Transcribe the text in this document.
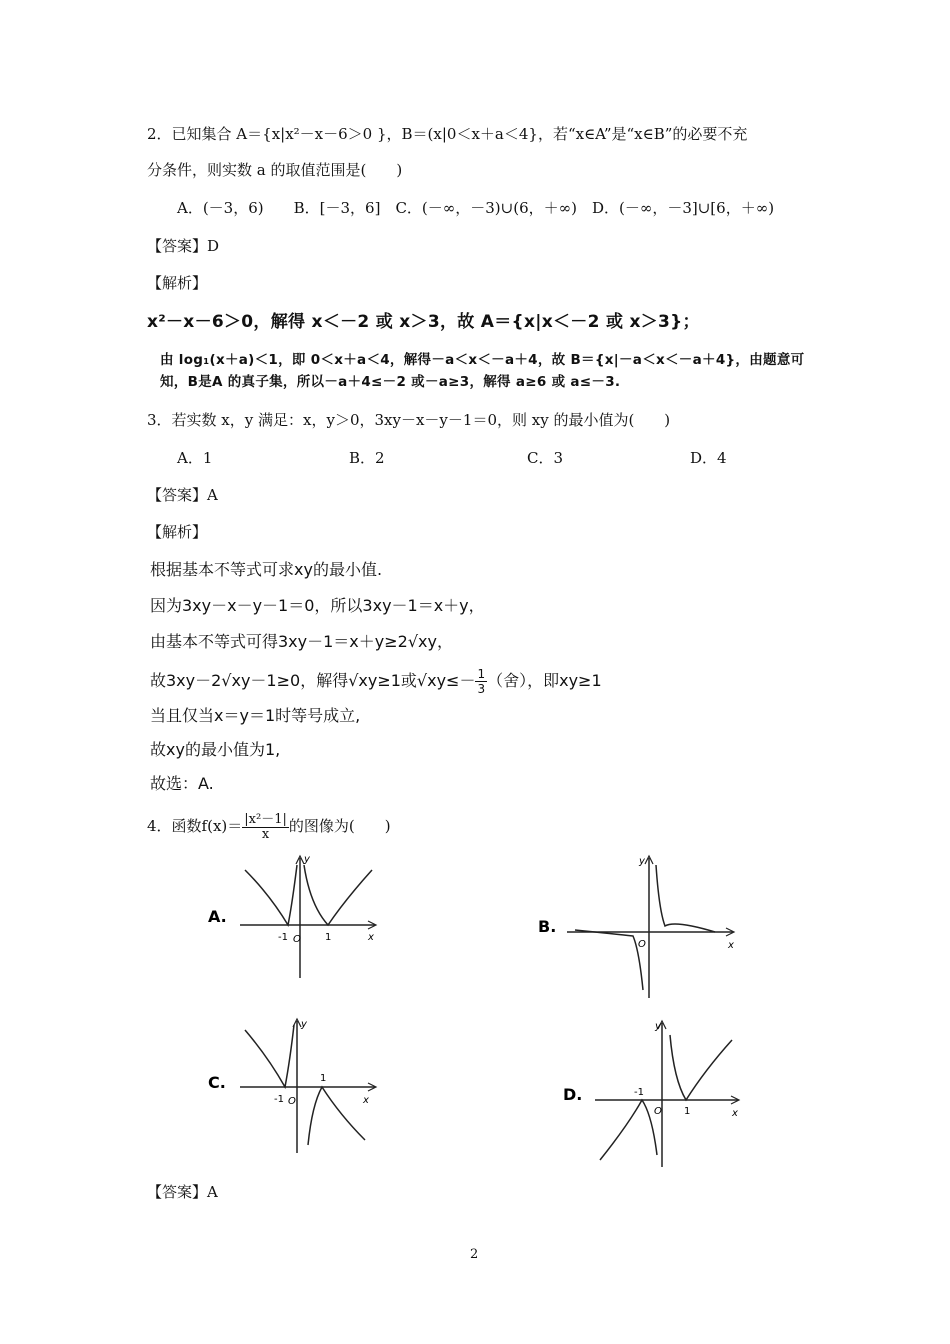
2．已知集合 A＝{x|x²－x－6＞0 }，B＝(x|0＜x＋a＜4}，若“x∈A”是“x∈B”的必要不充
分条件，则实数 a 的取值范围是(　　)
A．(－3，6)　　B．[－3，6]　C．(－∞，－3)∪(6，＋∞)　D．(－∞，－3]∪[6，＋∞)
【答案】D
【解析】
x²－x－6＞0，解得 x＜－2 或 x＞3，故 A＝{x|x＜－2 或 x＞3}；
由 log₁(x＋a)＜1，即 0＜x＋a＜4，解得－a＜x＜－a＋4，故 B＝{x|－a＜x＜－a＋4}，由题意可
知，B是A 的真子集，所以－a＋4≤－2 或－a≥3，解得 a≥6 或 a≤－3.
3．若实数 x，y 满足：x，y＞0，3xy－x－y－1＝0，则 xy 的最小值为(　　)
A．1	B．2	C．3	D．4
【答案】A
【解析】
根据基本不等式可求xy的最小值.
因为3xy－x－y－1＝0，所以3xy－1＝x＋y，
由基本不等式可得3xy－1＝x＋y≥2√xy，
故3xy－2√xy－1≥0，解得√xy≥1或$√xy\le- \frac{1}{3}$ （舍），即xy≥1
当且仅当x＝y＝1时等号成立,
故xy的最小值为1,
故选：A.
4．函数$f(x)= \frac{\text{|x²－1|}}{x}$ 的图像为(　　)
A.
-1 O 1	x
y
B.
O	x
y
C.
-1 O
1
x
y
D.	-1
O 1	x
y
【答案】A
2
